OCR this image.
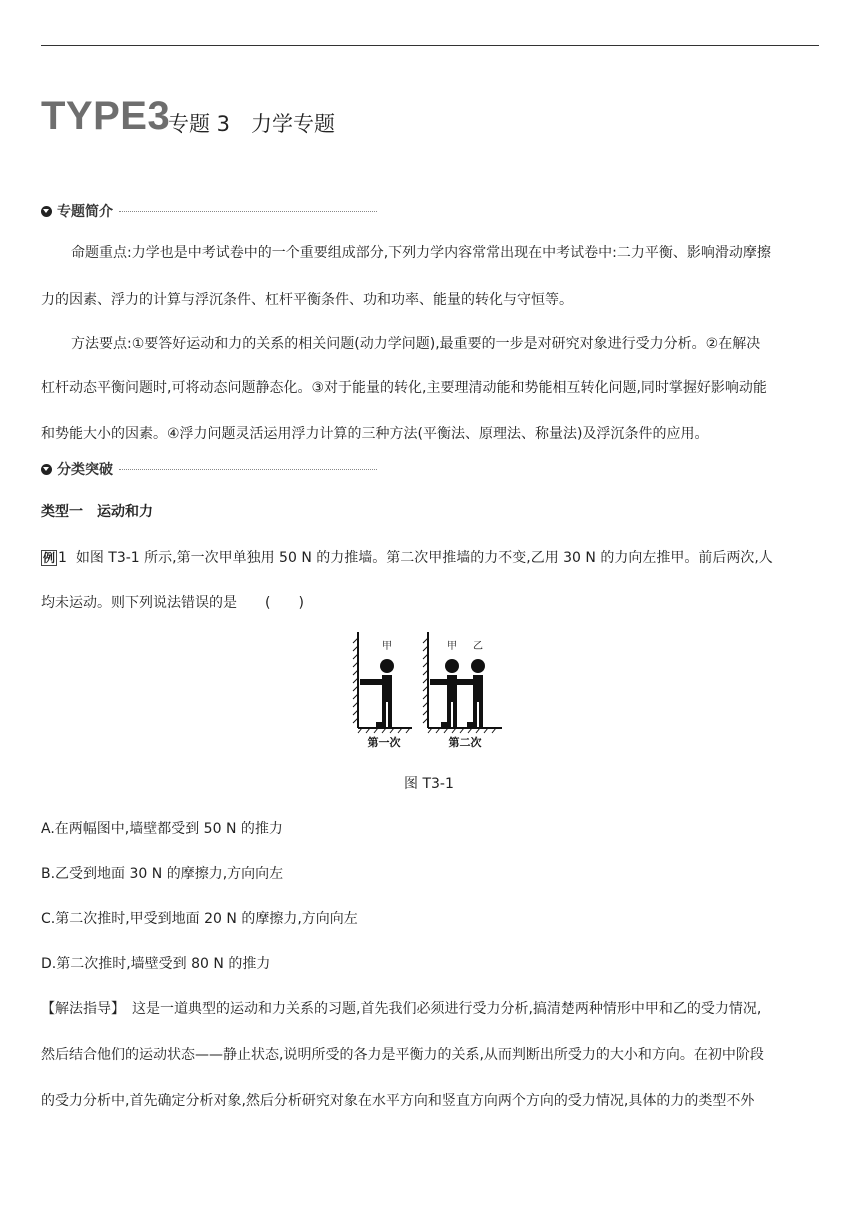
TYPE3
专题 3　力学专题
专题简介
命题重点:力学也是中考试卷中的一个重要组成部分,下列力学内容常常出现在中考试卷中:二力平衡、影响滑动摩擦
力的因素、浮力的计算与浮沉条件、杠杆平衡条件、功和功率、能量的转化与守恒等。
方法要点:①要答好运动和力的关系的相关问题(动力学问题),最重要的一步是对研究对象进行受力分析。②在解决
杠杆动态平衡问题时,可将动态问题静态化。③对于能量的转化,主要理清动能和势能相互转化问题,同时掌握好影响动能
和势能大小的因素。④浮力问题灵活运用浮力计算的三种方法(平衡法、原理法、称量法)及浮沉条件的应用。
分类突破
类型一　运动和力
例 1 如图 T3-1 所示,第一次甲单独用 50 N 的力推墙。第二次甲推墙的力不变,乙用 30 N 的力向左推甲。前后两次,人
均未运动。则下列说法错误的是　　(　　)
甲
第一次
甲 乙
第二次
图 T3-1
A.在两幅图中,墙壁都受到 50 N 的推力
B.乙受到地面 30 N 的摩擦力,方向向左
C.第二次推时,甲受到地面 20 N 的摩擦力,方向向左
D.第二次推时,墙壁受到 80 N 的推力
【解法指导】　这是一道典型的运动和力关系的习题,首先我们必须进行受力分析,搞清楚两种情形中甲和乙的受力情况,
然后结合他们的运动状态——静止状态,说明所受的各力是平衡力的关系,从而判断出所受力的大小和方向。在初中阶段
的受力分析中,首先确定分析对象,然后分析研究对象在水平方向和竖直方向两个方向的受力情况,具体的力的类型不外
